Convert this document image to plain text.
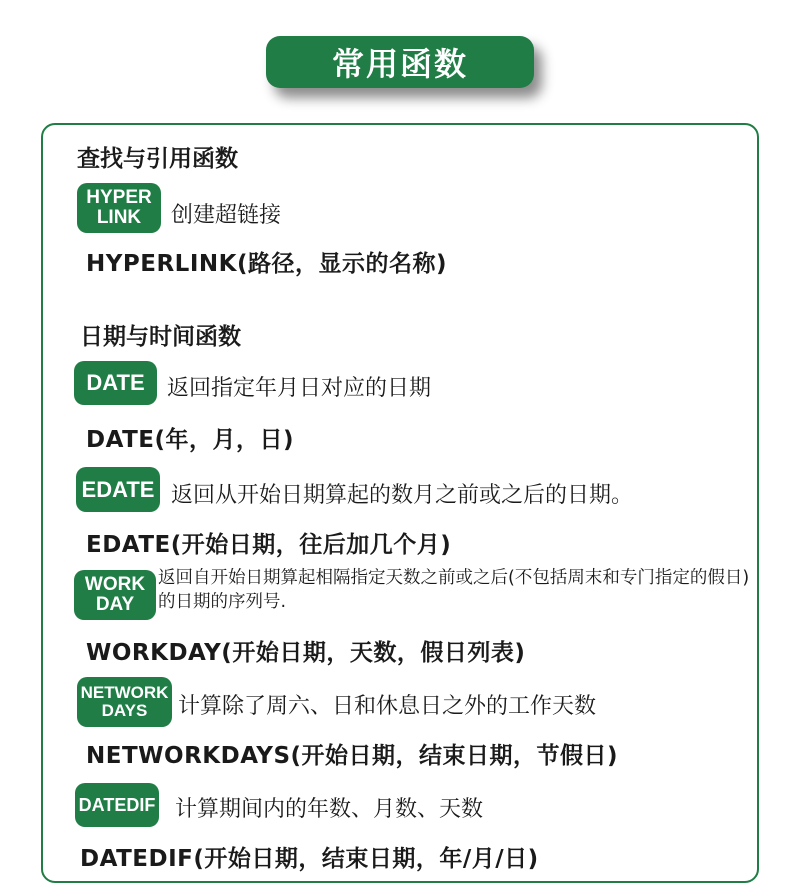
常用函数
查找与引用函数
HYPER
LINK	创建超链接
HYPERLINK(路径，显示的名称)
日期与时间函数
DATE 返回指定年月日对应的日期
DATE(年，月，日)
EDATE 返回从开始日期算起的数月之前或之后的日期。
EDATE(开始日期，往后加几个月)
WORK
DAY
返回自开始日期算起相隔指定天数之前或之后(不包括周末和专门指定的假日)的日期的序列号.
WORKDAY(开始日期，天数，假日列表)
NETWORK
DAYS	计算除了周六、日和休息日之外的工作天数
NETWORKDAYS(开始日期，结束日期，节假日)
DATEDIF 计算期间内的年数、月数、天数
DATEDIF(开始日期，结束日期，年/月/日)
